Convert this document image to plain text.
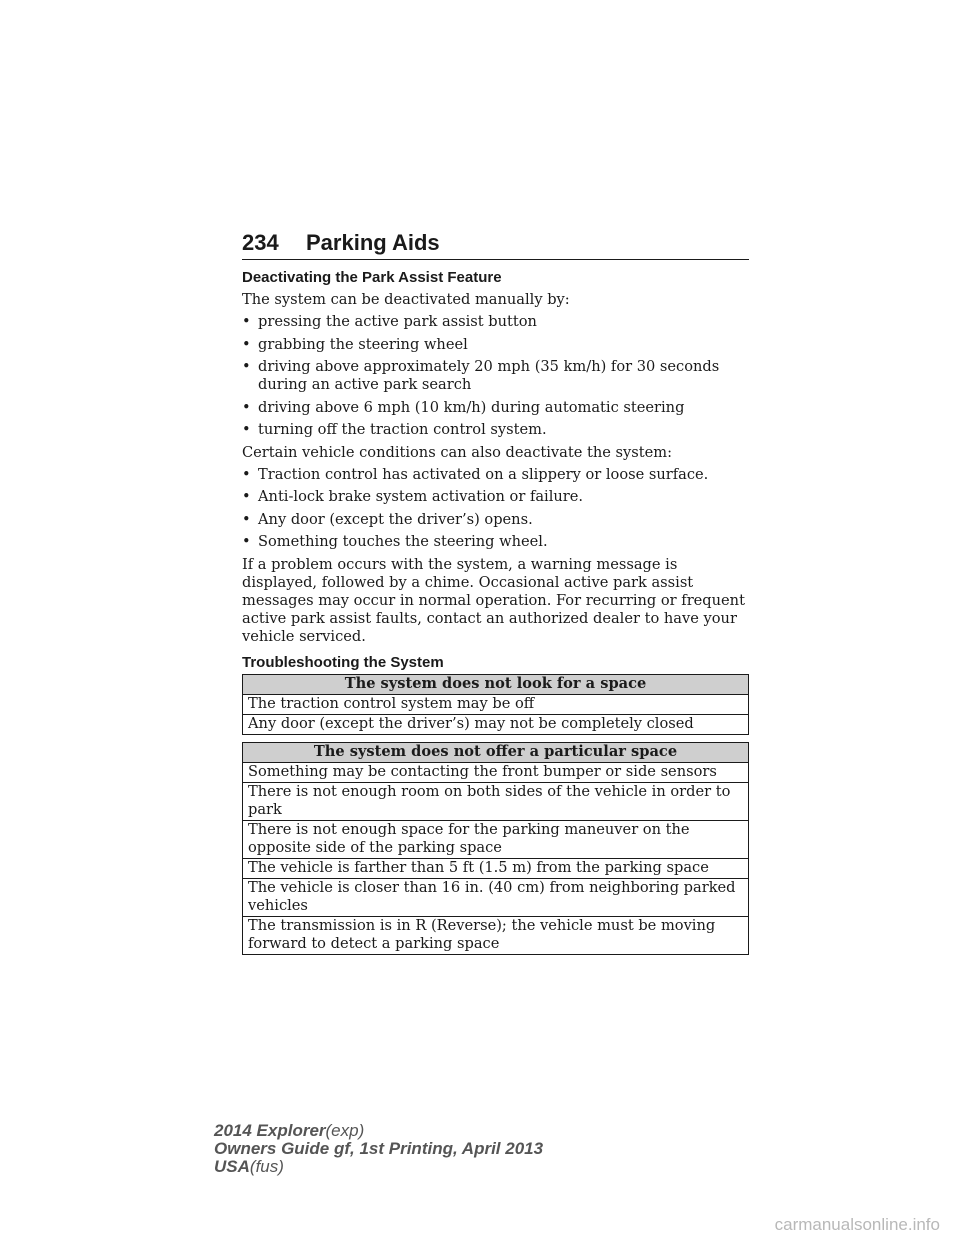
234 Parking Aids
Deactivating the Park Assist Feature

The system can be deactivated manually by:

• pressing the active park assist button
• grabbing the steering wheel
• driving above approximately 20 mph (35 km/h) for 30 seconds during an active park search
• driving above 6 mph (10 km/h) during automatic steering
• turning off the traction control system.

Certain vehicle conditions can also deactivate the system:

• Traction control has activated on a slippery or loose surface.
• Anti-lock brake system activation or failure.
• Any door (except the driver’s) opens.
• Something touches the steering wheel.

If a problem occurs with the system, a warning message is displayed, followed by a chime. Occasional active park assist messages may occur in normal operation. For recurring or frequent active park assist faults, contact an authorized dealer to have your vehicle serviced.

Troubleshooting the System
The system does not look for a space
The traction control system may be off
Any door (except the driver’s) may not be completely closed
The system does not offer a particular space
Something may be contacting the front bumper or side sensors
There is not enough room on both sides of the vehicle in order to park
There is not enough space for the parking maneuver on the opposite side of the parking space
The vehicle is farther than 5 ft (1.5 m) from the parking space
The vehicle is closer than 16 in. (40 cm) from neighboring parked vehicles
The transmission is in R (Reverse); the vehicle must be moving forward to detect a parking space
2014 Explorer(exp)
Owners Guide gf, 1st Printing, April 2013
USA(fus)
carmanualsonline.info
